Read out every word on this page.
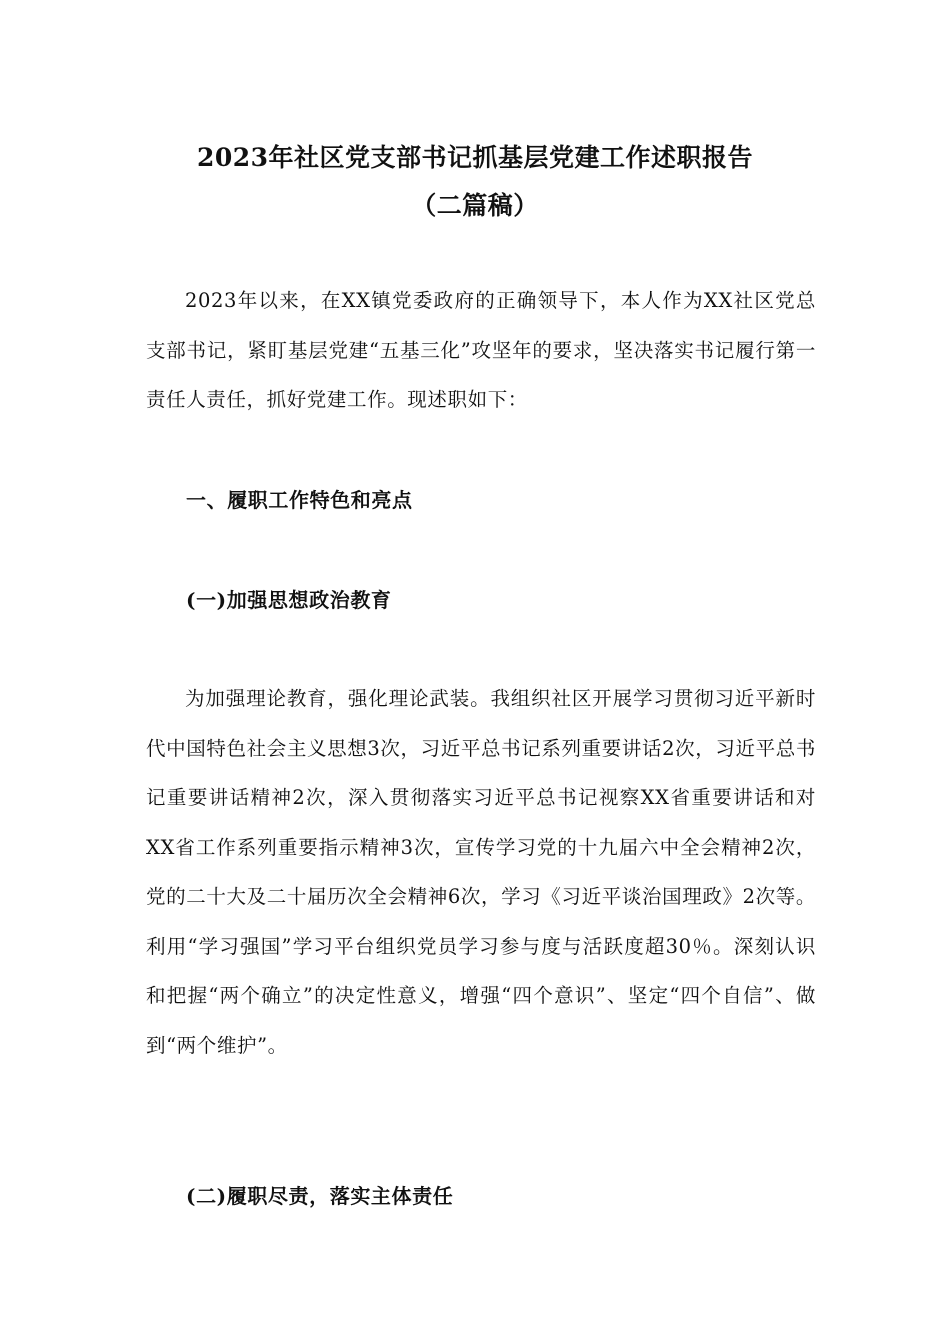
2023年社区党支部书记抓基层党建工作述职报告
（二篇稿）

2023年以来，在XX镇党委政府的正确领导下，本人作为XX社区党总支部书记，紧盯基层党建“五基三化”攻坚年的要求，坚决落实书记履行第一责任人责任，抓好党建工作。现述职如下：

一、履职工作特色和亮点
(一)加强思想政治教育

为加强理论教育，强化理论武装。我组织社区开展学习贯彻习近平新时代中国特色社会主义思想3次，习近平总书记系列重要讲话2次，习近平总书记重要讲话精神2次，深入贯彻落实习近平总书记视察XX省重要讲话和对XX省工作系列重要指示精神3次，宣传学习党的十九届六中全会精神2次，党的二十大及二十届历次全会精神6次，学习《习近平谈治国理政》2次等。利用“学习强国”学习平台组织党员学习参与度与活跃度超30％。深刻认识和把握“两个确立”的决定性意义，增强“四个意识”、坚定“四个自信”、做到“两个维护”。

(二)履职尽责，落实主体责任
